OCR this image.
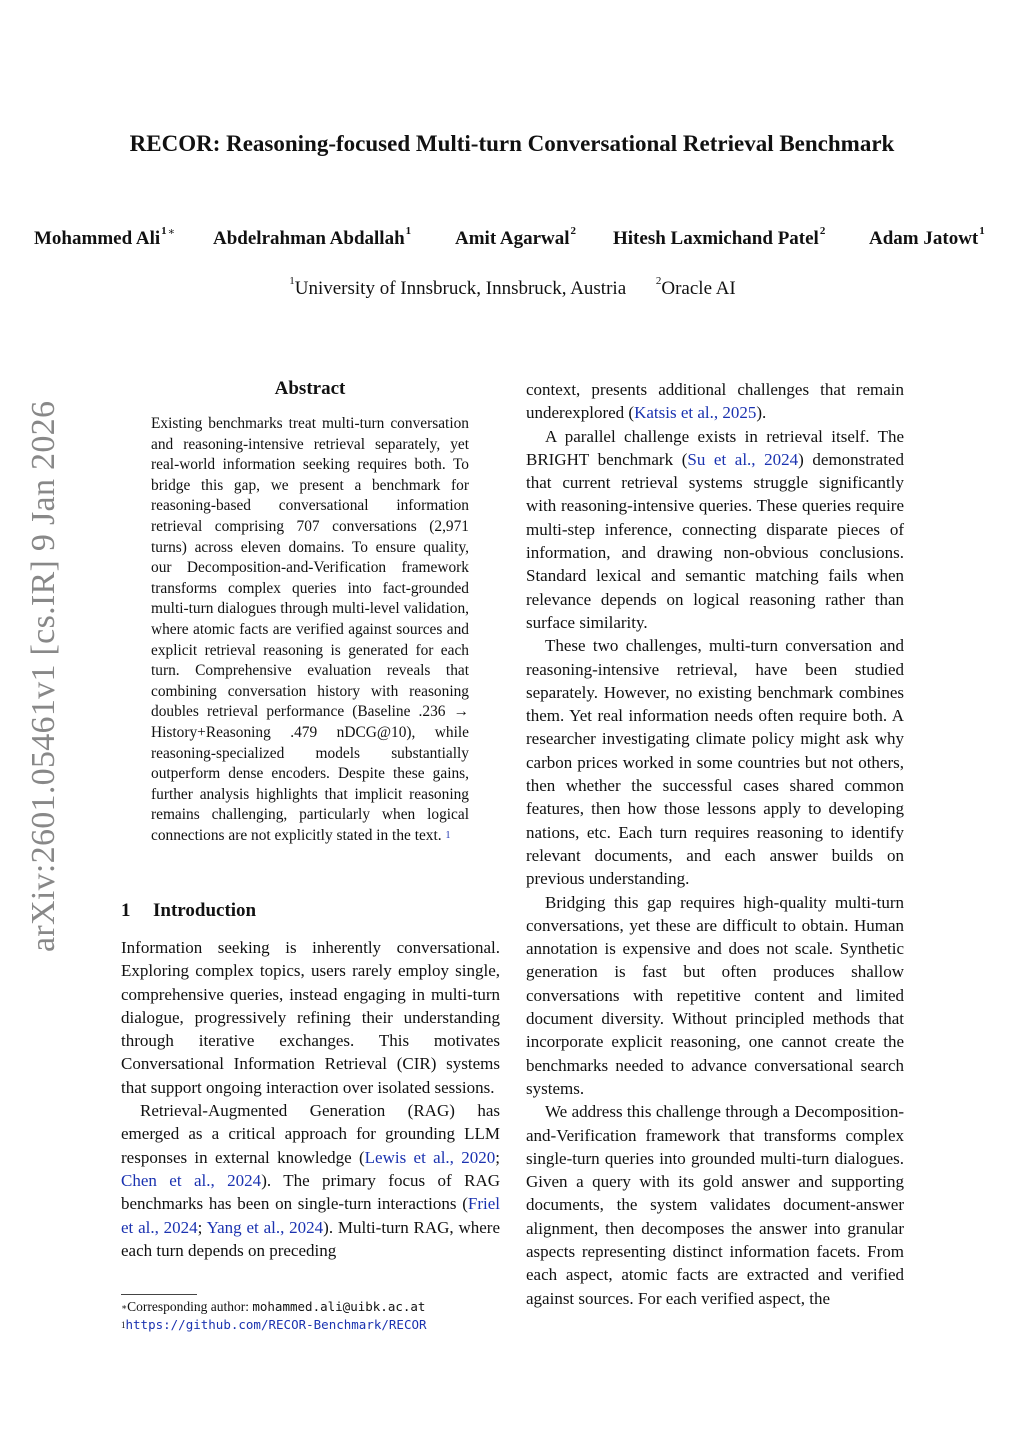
RECOR: Reasoning-focused Multi-turn Conversational Retrieval Benchmark
Mohammed Ali$^{1∗}$ Abdelrahman Abdallah$^1$ Amit Agarwal$^2$ Hitesh Laxmichand Patel$^2$ Adam Jatowt$^1$
$^1$University of Innsbruck, Innsbruck, Austria	$^2$Oracle AI
arXiv:2601.05461v1 [cs.IR] 9 Jan 2026
Abstract
Existing benchmarks treat multi-turn conversation and reasoning-intensive retrieval separately, yet real-world information seeking requires both. To bridge this gap, we present a benchmark for reasoning-based conversational information retrieval comprising 707 conversations (2,971 turns) across eleven domains. To ensure quality, our Decomposition-and-Verification framework transforms complex queries into fact-grounded multi-turn dialogues through multi-level validation, where atomic facts are verified against sources and explicit retrieval reasoning is generated for each turn. Comprehensive evaluation reveals that combining conversation history with reasoning doubles retrieval performance (Baseline .236 → History+Reasoning .479 nDCG@10), while reasoning-specialized models substantially outperform dense encoders. Despite these gains, further analysis highlights that implicit reasoning remains challenging, particularly when logical connections are not explicitly stated in the text. $^1$
1 Introduction

Information seeking is inherently conversational. Exploring complex topics, users rarely employ single, comprehensive queries, instead engaging in multi-turn dialogue, progressively refining their understanding through iterative exchanges. This motivates Conversational Information Retrieval (CIR) systems that support ongoing interaction over isolated sessions.

Retrieval-Augmented Generation (RAG) has emerged as a critical approach for grounding LLM responses in external knowledge (Lewis et al., 2020; Chen et al., 2024). The primary focus of RAG benchmarks has been on single-turn interactions (Friel et al., 2024; Yang et al., 2024). Multi-turn RAG, where each turn depends on preceding

∗Corresponding author: mohammed.ali@uibk.ac.at
$^1$https://github.com/RECOR-Benchmark/RECOR

context, presents additional challenges that remain underexplored (Katsis et al., 2025).

A parallel challenge exists in retrieval itself. The BRIGHT benchmark (Su et al., 2024) demonstrated that current retrieval systems struggle significantly with reasoning-intensive queries. These queries require multi-step inference, connecting disparate pieces of information, and drawing non-obvious conclusions. Standard lexical and semantic matching fails when relevance depends on logical reasoning rather than surface similarity.

These two challenges, multi-turn conversation and reasoning-intensive retrieval, have been studied separately. However, no existing benchmark combines them. Yet real information needs often require both. A researcher investigating climate policy might ask why carbon prices worked in some countries but not others, then whether the successful cases shared common features, then how those lessons apply to developing nations, etc. Each turn requires reasoning to identify relevant documents, and each answer builds on previous understanding.

Bridging this gap requires high-quality multi-turn conversations, yet these are difficult to obtain. Human annotation is expensive and does not scale. Synthetic generation is fast but often produces shallow conversations with repetitive content and limited document diversity. Without principled methods that incorporate explicit reasoning, one cannot create the benchmarks needed to advance conversational search systems.

We address this challenge through a Decomposition-and-Verification framework that transforms complex single-turn queries into grounded multi-turn dialogues. Given a query with its gold answer and supporting documents, the system validates document-answer alignment, then decomposes the answer into granular aspects representing distinct information facets. From each aspect, atomic facts are extracted and verified against sources. For each verified aspect, the
